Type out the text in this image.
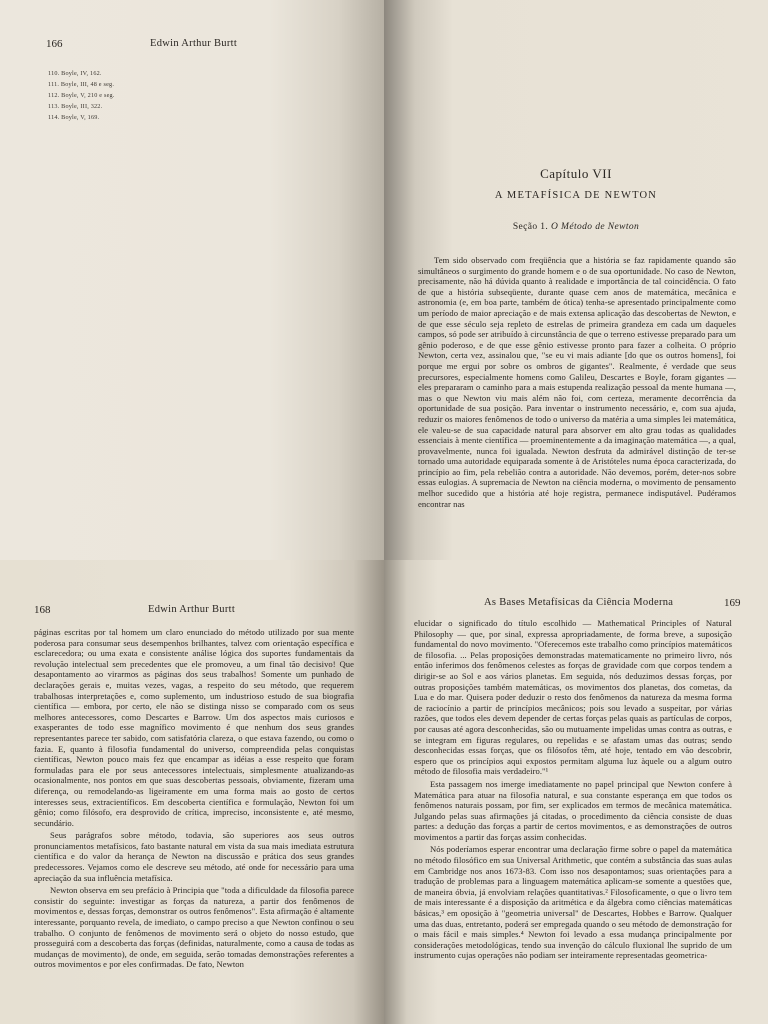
166	Edwin Arthur Burtt
110. Boyle, IV, 162.
111. Boyle, III, 48 e seg.
112. Boyle, V, 210 e seg.
113. Boyle, III, 322.
114. Boyle, V, 169.
Capítulo VII
A METAFÍSICA DE NEWTON
Seção 1. O Método de Newton

Tem sido observado com freqüência que a história se faz rapidamente quando são simultâneos o surgimento do grande homem e o de sua oportunidade. No caso de Newton, precisamente, não há dúvida quanto à realidade e importância de tal coincidência. O fato de que a história subseqüente, durante quase cem anos de matemática, mecânica e astronomia (e, em boa parte, também de ótica) tenha-se apresentado principalmente como um período de maior apreciação e de mais extensa aplicação das descobertas de Newton, e de que esse século seja repleto de estrelas de primeira grandeza em cada um daqueles campos, só pode ser atribuído à circunstância de que o terreno estivesse preparado para um gênio poderoso, e de que esse gênio estivesse pronto para fazer a colheita. O próprio Newton, certa vez, assinalou que, "se eu vi mais adiante [do que os outros homens], foi porque me ergui por sobre os ombros de gigantes". Realmente, é verdade que seus precursores, especialmente homens como Galileu, Descartes e Boyle, foram gigantes — eles prepararam o caminho para a mais estupenda realização pessoal da mente humana —, mas o que Newton viu mais além não foi, com certeza, meramente decorrência da oportunidade de sua posição. Para inventar o instrumento necessário, e, com sua ajuda, reduzir os maiores fenômenos de todo o universo da matéria a uma simples lei matemática, ele valeu-se de sua capacidade natural para absorver em alto grau todas as qualidades essenciais à mente científica — proeminentemente a da imaginação matemática —, a qual, provavelmente, nunca foi igualada. Newton desfruta da admirável distinção de ter-se tornado uma autoridade equiparada somente à de Aristóteles numa época caracterizada, do princípio ao fim, pela rebelião contra a autoridade. Não devemos, porém, deter-nos sobre essas eulogias. A supremacia de Newton na ciência moderna, o movimento de pensamento melhor sucedido que a história até hoje registra, permanece indisputável. Pudéramos encontrar nas

168	Edwin Arthur Burtt

páginas escritas por tal homem um claro enunciado do método utilizado por sua mente poderosa para consumar seus desempenhos brilhantes, talvez com orientação específica e esclarecedora; ou uma exata e consistente análise lógica dos suportes fundamentais da revolução intelectual sem precedentes que ele promoveu, a um final tão decisivo! Que desapontamento ao virarmos as páginas dos seus trabalhos! Somente um punhado de declarações gerais e, muitas vezes, vagas, a respeito do seu método, que requerem trabalhosas interpretações e, como suplemento, um industrioso estudo de sua biografia científica — embora, por certo, ele não se distinga nisso se comparado com os seus melhores antecessores, como Descartes e Barrow. Um dos aspectos mais curiosos e exasperantes de todo esse magnífico movimento é que nenhum dos seus grandes representantes parece ter sabido, com satisfatória clareza, o que estava fazendo, ou como o fazia. E, quanto à filosofia fundamental do universo, compreendida pelas conquistas científicas, Newton pouco mais fez que encampar as idéias a esse respeito que foram formuladas para ele por seus antecessores intelectuais, simplesmente atualizando-as ocasionalmente, nos pontos em que suas descobertas pessoais, obviamente, fizeram uma diferença, ou remodelando-as ligeiramente em uma forma mais ao gosto de certos interesses seus, extracientíficos. Em descoberta científica e formulação, Newton foi um gênio; como filósofo, era desprovido de crítica, impreciso, inconsistente e, até mesmo, secundário.

Seus parágrafos sobre método, todavia, são superiores aos seus outros pronunciamentos metafísicos, fato bastante natural em vista da sua mais imediata estrutura científica e do valor da herança de Newton na discussão e prática dos seus grandes predecessores. Vejamos como ele descreve seu método, até onde for necessário para uma apreciação da sua influência metafísica.

Newton observa em seu prefácio à Principia que "toda a dificuldade da filosofia parece consistir do seguinte: investigar as forças da natureza, a partir dos fenômenos de movimentos e, dessas forças, demonstrar os outros fenômenos". Esta afirmação é altamente interessante, porquanto revela, de imediato, o campo preciso a que Newton confinou o seu trabalho. O conjunto de fenômenos de movimento será o objeto do nosso estudo, que prosseguirá com a descoberta das forças (definidas, naturalmente, como a causa de todas as mudanças de movimento), de onde, em seguida, serão tomadas demonstrações referentes a outros movimentos e por eles confirmadas. De fato, Newton

As Bases Metafísicas da Ciência Moderna	169

elucidar o significado do título escolhido — Mathematical Principles of Natural Philosophy — que, por sinal, expressa apropriadamente, de forma breve, a suposição fundamental do novo movimento. "Oferecemos este trabalho como princípios matemáticos de filosofia. ... Pelas proposições demonstradas matematicamente no primeiro livro, nós então inferimos dos fenômenos celestes as forças de gravidade com que corpos tendem a dirigir-se ao Sol e aos vários planetas. Em seguida, nós deduzimos dessas forças, por outras proposições também matemáticas, os movimentos dos planetas, dos cometas, da Lua e do mar. Quisera poder deduzir o resto dos fenômenos da natureza da mesma forma de raciocínio a partir de princípios mecânicos; pois sou levado a suspeitar, por várias razões, que todos eles devem depender de certas forças pelas quais as partículas de corpos, por causas até agora desconhecidas, são ou mutuamente impelidas umas contra as outras, e se integram em figuras regulares, ou repelidas e se afastam umas das outras; sendo desconhecidas essas forças, que os filósofos têm, até hoje, tentado em vão descobrir, espero que os princípios aqui expostos permitam alguma luz àquele ou a algum outro método de filosofia mais verdadeiro."¹

Esta passagem nos imerge imediatamente no papel principal que Newton confere à Matemática para atuar na filosofia natural, e sua constante esperança em que todos os fenômenos naturais possam, por fim, ser explicados em termos de mecânica matemática. Julgando pelas suas afirmações já citadas, o procedimento da ciência consiste de duas partes: a dedução das forças a partir de certos movimentos, e as demonstrações de outros movimentos a partir das forças assim conhecidas.

Nós poderíamos esperar encontrar uma declaração firme sobre o papel da matemática no método filosófico em sua Universal Arithmetic, que contém a substância das suas aulas em Cambridge nos anos 1673-83. Com isso nos desapontamos; suas orientações para a tradução de problemas para a linguagem matemática aplicam-se somente a questões que, de maneira óbvia, já envolviam relações quantitativas.² Filosoficamente, o que o livro tem de mais interessante é a disposição da aritmética e da álgebra como ciências matemáticas básicas,³ em oposição à "geometria universal" de Descartes, Hobbes e Barrow. Qualquer uma das duas, entretanto, poderá ser empregada quando o seu método de demonstração for o mais fácil e mais simples.⁴ Newton foi levado a essa mudança principalmente por considerações metodológicas, tendo sua invenção do cálculo fluxional lhe suprido de um instrumento cujas operações não podiam ser inteiramente representadas geometrica-
